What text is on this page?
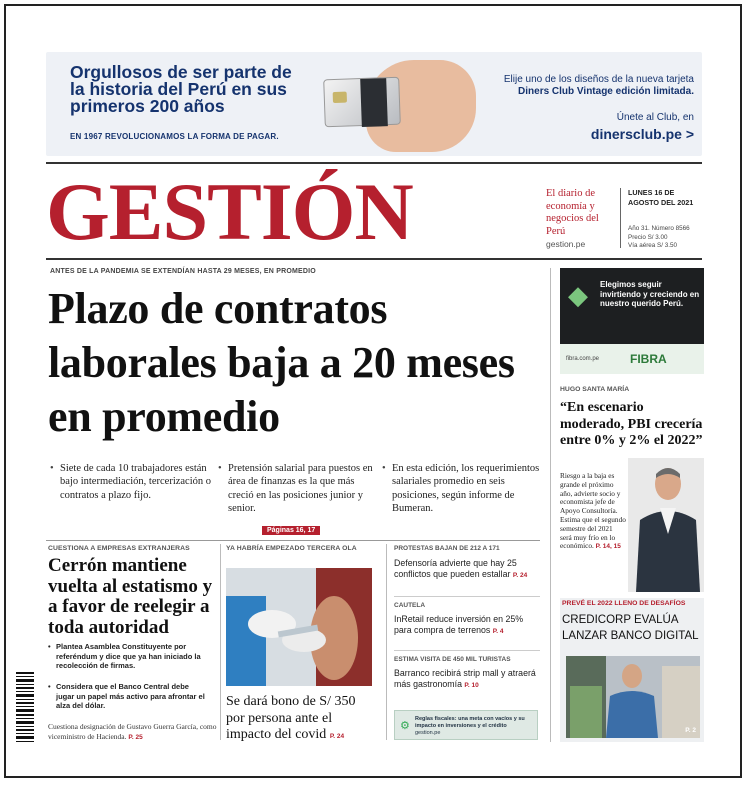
Orgullosos de ser parte de la historia del Perú en sus primeros 200 años
EN 1967 REVOLUCIONAMOS LA FORMA DE PAGAR.
Elije uno de los diseños de la nueva tarjeta
Diners Club Vintage edición limitada.
Únete al Club, en
dinersclub.pe >
GESTIÓN	El diario de economía y negocios del Perú
gestion.pe
LUNES 16 DE AGOSTO DEL 2021
Año 31. Número 8566
Precio S/ 3.00
Vía aérea S/ 3.50
ANTES DE LA PANDEMIA SE EXTENDÍAN HASTA 29 MESES, EN PROMEDIO
Plazo de contratos laborales baja a 20 meses en promedio
• Siete de cada 10 trabajadores están bajo intermediación, tercerización o contratos a plazo fijo.
• Pretensión salarial para puestos en área de finanzas es la que más creció en las posiciones junior y senior.
• En esta edición, los requerimientos salariales promedio en seis posiciones, según informe de Bumeran.
Páginas 16, 17
CUESTIONA A EMPRESAS EXTRANJERAS
Cerrón mantiene vuelta al estatismo y a favor de reelegir a toda autoridad
• Plantea Asamblea Constituyente por referéndum y dice que ya han iniciado la recolección de firmas.
• Considera que el Banco Central debe jugar un papel más activo para afrontar el alza del dólar.
Cuestiona designación de Gustavo Guerra García, como viceministro de Hacienda. P. 25
YA HABRÍA EMPEZADO TERCERA OLA
Se dará bono de S/ 350 por persona ante el impacto del covid P. 24
PROTESTAS BAJAN DE 212 A 171
Defensoría advierte que hay 25 conflictos que pueden estallar P. 24
CAUTELA
InRetail reduce inversión en 25% para compra de terrenos P. 4
ESTIMA VISITA DE 450 MIL TURISTAS
Barranco recibirá strip mall y atraerá más gastronomía P. 10
⚙
Reglas fiscales: una meta con vacíos y su impacto en inversiones y el crédito
gestion.pe
◆ Elegimos seguir invirtiendo y creciendo en nuestro querido Perú.
fibra.com.pe	FIBRA
HUGO SANTA MARÍA
“En escenario moderado, PBI crecería entre 0% y 2% el 2022”
Riesgo a la baja es grande el próximo año, advierte socio y economista jefe de Apoyo Consultoría. Estima que el segundo semestre del 2021 será muy frío en lo económico. P. 14, 15
PREVÉ EL 2022 LLENO DE DESAFÍOS
CREDICORP EVALÚA LANZAR BANCO DIGITAL
P. 2
